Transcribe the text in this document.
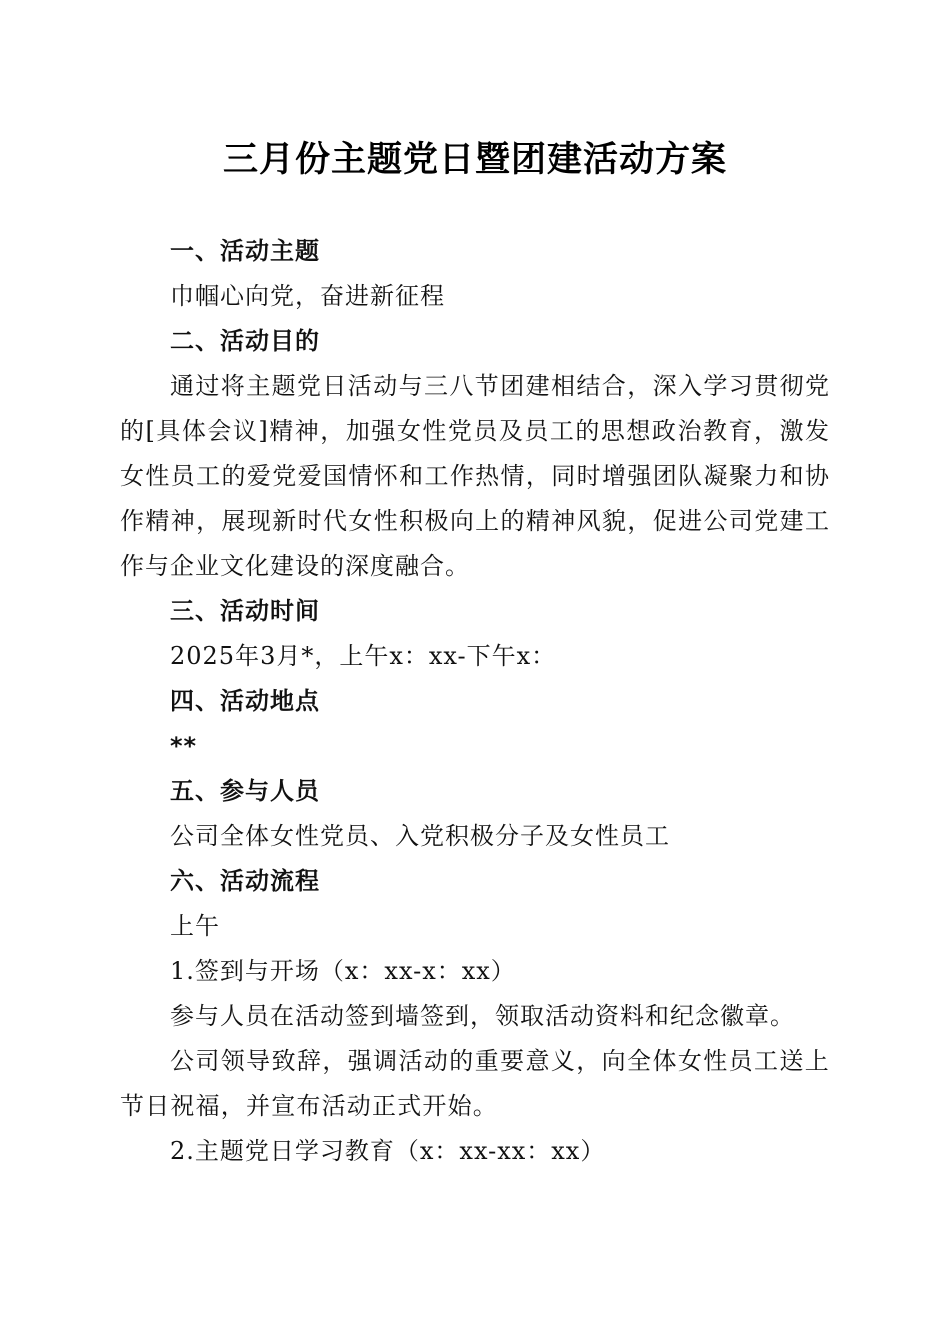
三月份主题党日暨团建活动方案
一、活动主题
巾帼心向党，奋进新征程
二、活动目的
通过将主题党日活动与三八节团建相结合，深入学习贯彻党的[具体会议]精神，加强女性党员及员工的思想政治教育，激发女性员工的爱党爱国情怀和工作热情，同时增强团队凝聚力和协作精神，展现新时代女性积极向上的精神风貌，促进公司党建工作与企业文化建设的深度融合。
三、活动时间
2025年3月*，上午x：xx-下午x：
四、活动地点
**
五、参与人员
公司全体女性党员、入党积极分子及女性员工
六、活动流程
上午
1.签到与开场（x：xx-x：xx）
参与人员在活动签到墙签到，领取活动资料和纪念徽章。
公司领导致辞，强调活动的重要意义，向全体女性员工送上节日祝福，并宣布活动正式开始。
2.主题党日学习教育（x：xx-xx：xx）
